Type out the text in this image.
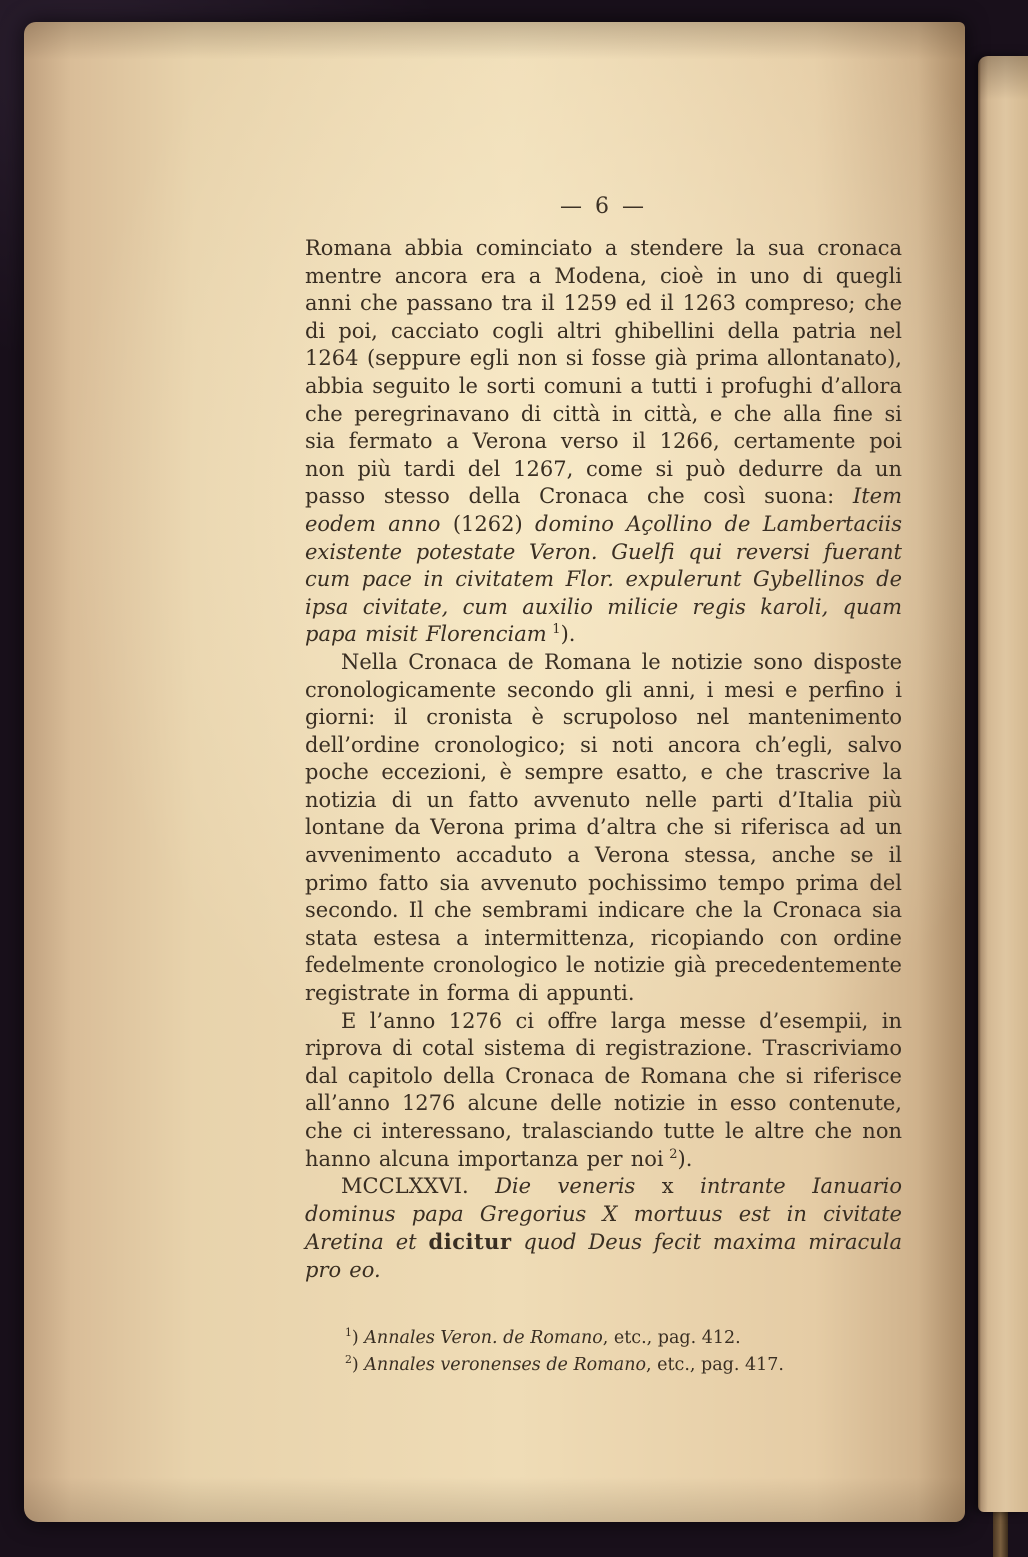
— 6 —

Romana abbia cominciato a stendere la sua cronaca mentre ancora era a Modena, cioè in uno di quegli anni che passano tra il 1259 ed il 1263 compreso; che di poi, cacciato cogli altri ghibellini della patria nel 1264 (seppure egli non si fosse già prima allontanato), abbia seguito le sorti comuni a tutti i profughi d’allora che peregrinavano di città in città, e che alla fine si sia fermato a Verona verso il 1266, certamente poi non più tardi del 1267, come si può dedurre da un passo stesso della Cronaca che così suona: Item eodem anno (1262) domino Açollino de Lambertaciis existente potestate Veron. Guelfi qui reversi fuerant cum pace in civitatem Flor. expulerunt Gybellinos de ipsa civitate, cum auxilio milicie regis karoli, quam papa misit Florenciam $^1$).

Nella Cronaca de Romana le notizie sono disposte cronologicamente secondo gli anni, i mesi e perfino i giorni: il cronista è scrupoloso nel mantenimento dell’ordine cronologico; si noti ancora ch’egli, salvo poche eccezioni, è sempre esatto, e che trascrive la notizia di un fatto avvenuto nelle parti d’Italia più lontane da Verona prima d’altra che si riferisca ad un avvenimento accaduto a Verona stessa, anche se il primo fatto sia avvenuto pochissimo tempo prima del secondo. Il che sembrami indicare che la Cronaca sia stata estesa a intermittenza, ricopiando con ordine fedelmente cronologico le notizie già precedentemente registrate in forma di appunti.

E l’anno 1276 ci offre larga messe d’esempii, in riprova di cotal sistema di registrazione. Trascriviamo dal capitolo della Cronaca de Romana che si riferisce all’anno 1276 alcune delle notizie in esso contenute, che ci interessano, tralasciando tutte le altre che non hanno alcuna importanza per noi $^2$).

MCCLXXVI. Die veneris x intrante Ianuario dominus papa Gregorius X mortuus est in civitate Aretina et dicitur quod Deus fecit maxima miracula pro eo.

$^1$) Annales Veron. de Romano, etc., pag. 412.

$^2$) Annales veronenses de Romano, etc., pag. 417.
